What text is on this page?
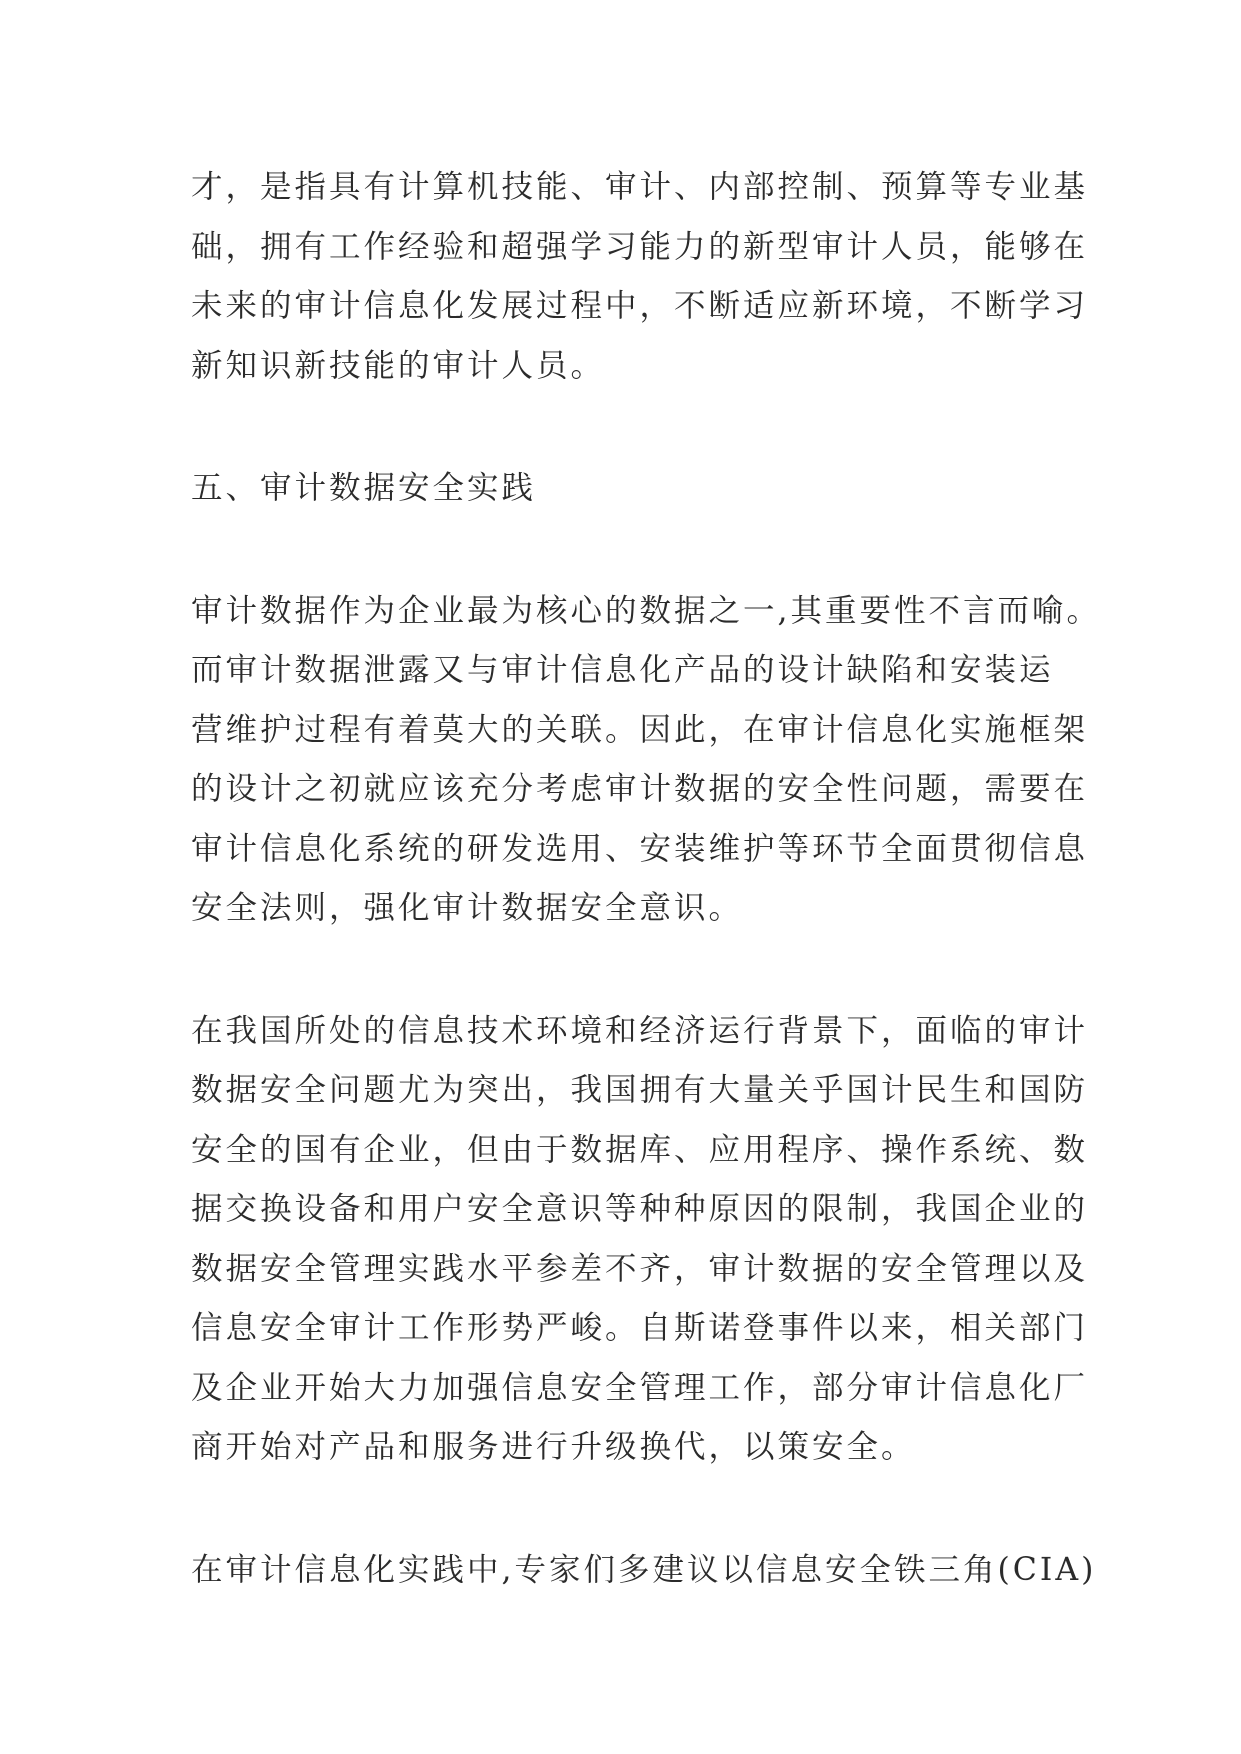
才，是指具有计算机技能、审计、内部控制、预算等专业基
础，拥有工作经验和超强学习能力的新型审计人员，能够在
未来的审计信息化发展过程中，不断适应新环境，不断学习
新知识新技能的审计人员。
五、审计数据安全实践
审计数据作为企业最为核心的数据之一,其重要性不言而喻。
而审计数据泄露又与审计信息化产品的设计缺陷和安装运
营维护过程有着莫大的关联。因此，在审计信息化实施框架
的设计之初就应该充分考虑审计数据的安全性问题，需要在
审计信息化系统的研发选用、安装维护等环节全面贯彻信息
安全法则，强化审计数据安全意识。
在我国所处的信息技术环境和经济运行背景下，面临的审计
数据安全问题尤为突出，我国拥有大量关乎国计民生和国防
安全的国有企业，但由于数据库、应用程序、操作系统、数
据交换设备和用户安全意识等种种原因的限制，我国企业的
数据安全管理实践水平参差不齐，审计数据的安全管理以及
信息安全审计工作形势严峻。自斯诺登事件以来，相关部门
及企业开始大力加强信息安全管理工作，部分审计信息化厂
商开始对产品和服务进行升级换代，以策安全。
在审计信息化实践中,专家们多建议以信息安全铁三角(CIA)
